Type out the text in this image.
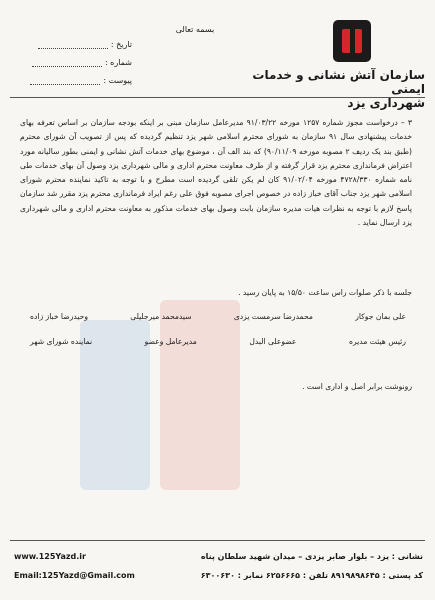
سازمان آتش نشانی و خدمات ایمنی
شهرداری یزد
بسمه تعالی
تاریخ :
شماره :
پیوست :

۳ – درخواست مجوز شماره ۱۲۵۷ مورخه ۹۱/۰۳/۲۲ مدیرعامل سازمان مبنی بر اینکه بودجه سازمان بر اساس تعرفه بهای خدمات پیشنهادی سال ۹۱ سازمان به شورای محترم اسلامی شهر یزد تنظیم گردیده که پس از تصویب آن شورای محترم (طبق بند یک ردیف ۲ مصوبه مورخه ۹۰/۱۱/۰۹) که بند الف آن ، موضوع بهای خدمات آتش نشانی و ایمنی بطور سالیانه مورد اعتراض فرمانداری محترم یزد قرار گرفته و از طرف معاونت محترم اداری و مالی شهرداری یزد وصول آن بهای خدمات طی نامه شماره ۴۷۲۸/۳۳۰ مورخه ۹۱/۰۲/۰۴ کان لم یکن تلقی گردیده است مطرح و با توجه به تاکید نماینده محترم شورای اسلامی شهر یزد جناب آقای خباز زاده در خصوص اجرای مصوبه فوق علی رغم ایراد فرمانداری محترم یزد مقرر شد سازمان پاسخ لازم با توجه به نظرات هیات مدیره سازمان بابت وصول بهای خدمات مذکور به معاونت محترم اداری و مالی شهرداری یزد ارسال نماید .

جلسه با ذکر صلوات راس ساعت ۱۵/۵۰ به پایان رسید .
علی بمان جوکار
محمدرضا سرمست یزدی
سیدمحمد میرجلیلی
وحیدرضا خباز زاده
رئیس هیئت مدیره
عضوعلی البدل
مدیرعامل وعضو
نماینده شورای شهر
رونوشت برابر اصل و اداری است .
نشانی : یزد – بلوار صابر یزدی – میدان شهید سلطان پناه
کد پستی : ۸۹۱۹۸۹۸۶۴۵ تلفن : ۶۲۵۶۶۶۵ نمابر : ۶۳۰۰۶۳۰
www.125Yazd.ir
Email:125Yazd@Gmail.com
